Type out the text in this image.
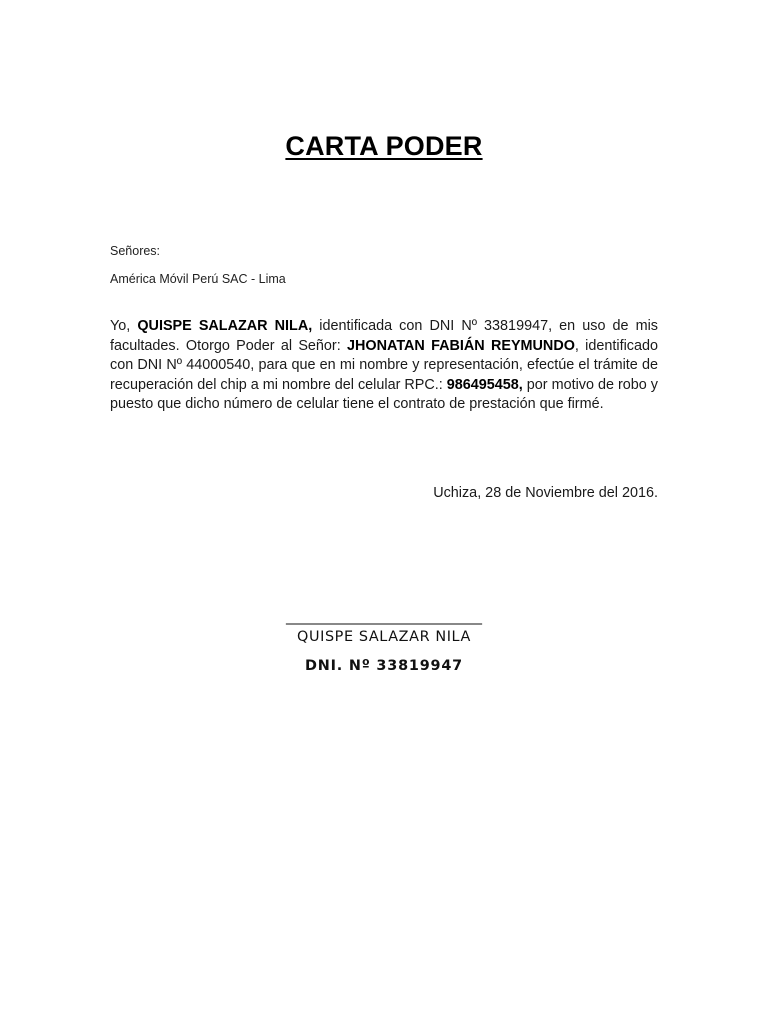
CARTA PODER
Señores:
América Móvil Perú SAC - Lima
Yo, QUISPE SALAZAR NILA, identificada con DNI Nº 33819947, en uso de mis facultades. Otorgo Poder al Señor: JHONATAN FABIÁN REYMUNDO, identificado con DNI Nº 44000540, para que en mi nombre y representación, efectúe el trámite de recuperación del chip a mi nombre del celular RPC.: 986495458, por motivo de robo y puesto que dicho número de celular tiene el contrato de prestación que firmé.
Uchiza, 28 de Noviembre del 2016.
____________________________
QUISPE SALAZAR NILA
DNI. Nº 33819947
